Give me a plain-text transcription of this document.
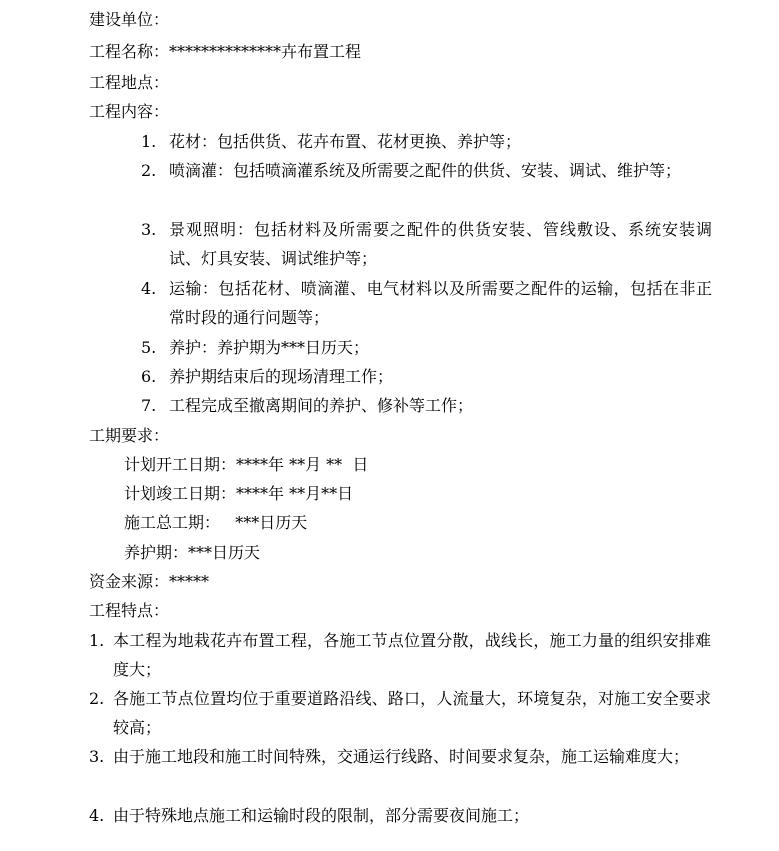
建设单位：
工程名称：**************卉布置工程
工程地点：
工程内容：
1. 花材：包括供货、花卉布置、花材更换、养护等；
2. 喷滴灌：包括喷滴灌系统及所需要之配件的供货、安装、调试、维护等；
3. 景观照明：包括材料及所需要之配件的供货安装、管线敷设、系统安装调试、灯具安装、调试维护等；
4. 运输：包括花材、喷滴灌、电气材料以及所需要之配件的运输，包括在非正常时段的通行问题等；
5. 养护：养护期为***日历天；
6. 养护期结束后的现场清理工作；
7. 工程完成至撤离期间的养护、修补等工作；
工期要求：
计划开工日期：****年 **月 **  日
计划竣工日期：****年 **月**日
施工总工期：   ***日历天
养护期：***日历天
资金来源：*****
工程特点：
1. 本工程为地栽花卉布置工程，各施工节点位置分散，战线长，施工力量的组织安排难度大；
2. 各施工节点位置均位于重要道路沿线、路口，人流量大，环境复杂，对施工安全要求较高；
3. 由于施工地段和施工时间特殊，交通运行线路、时间要求复杂，施工运输难度大；
4. 由于特殊地点施工和运输时段的限制，部分需要夜间施工；
